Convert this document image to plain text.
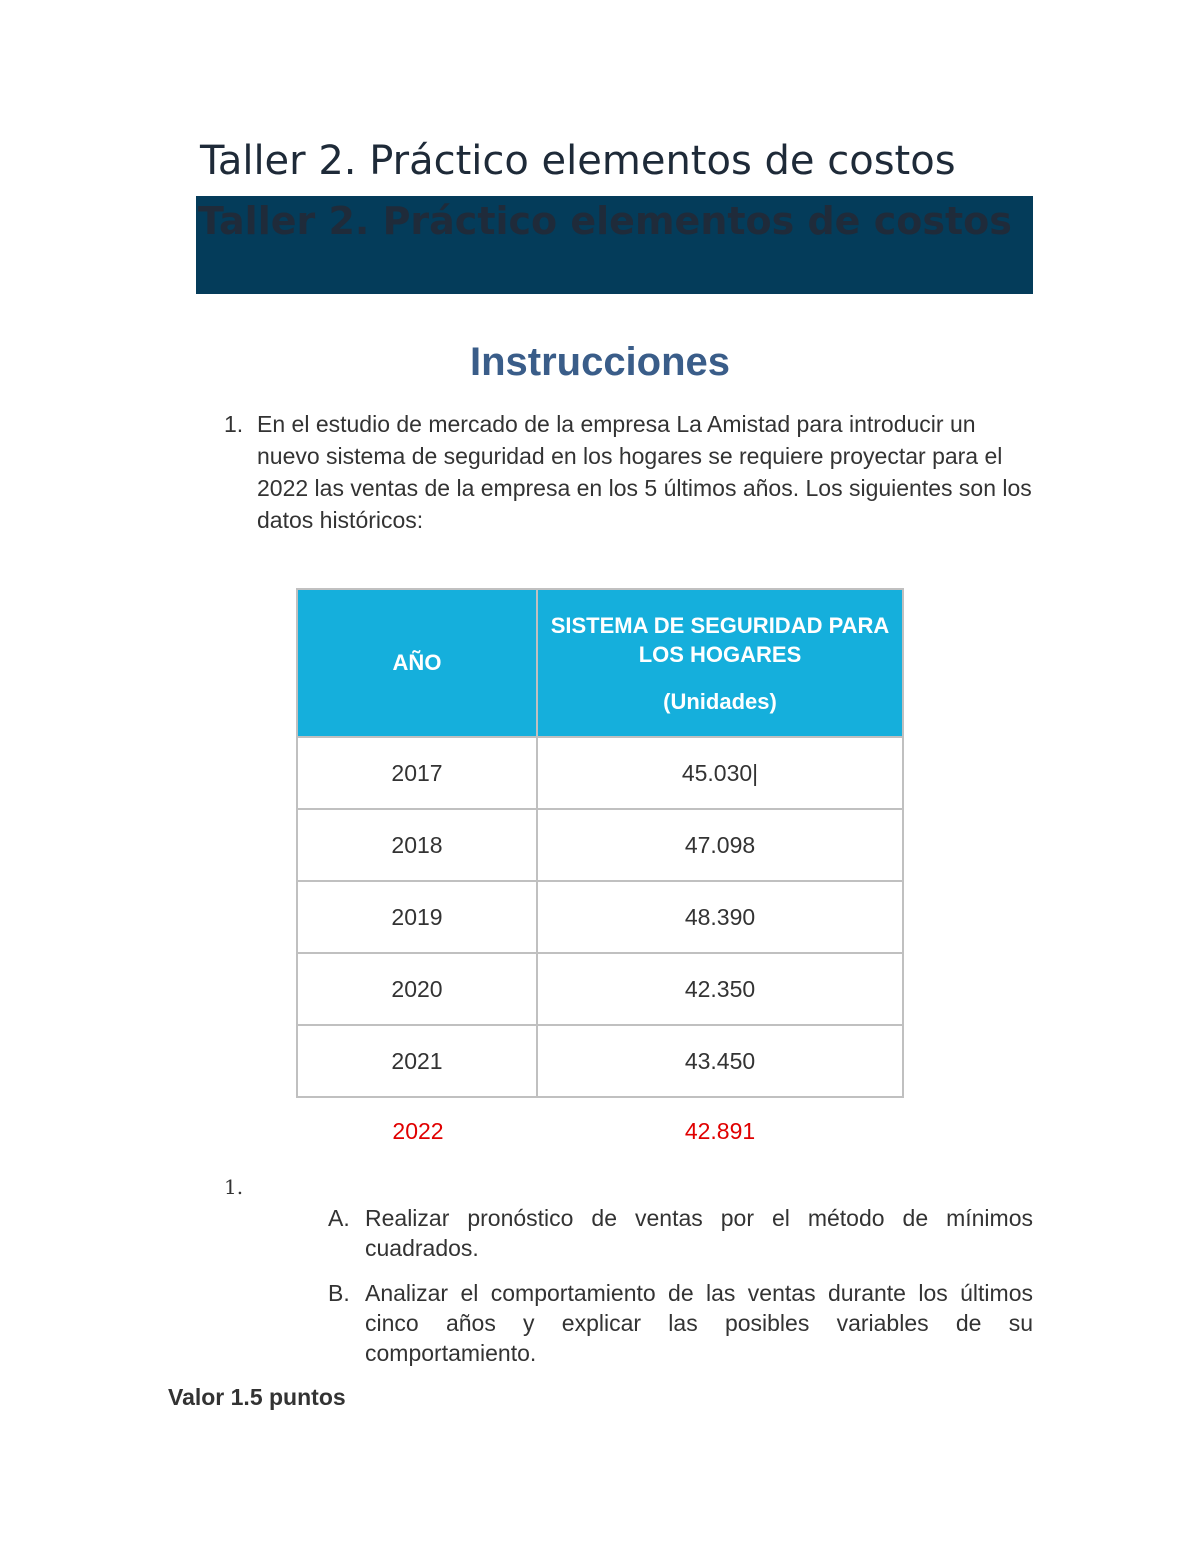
Taller 2. Práctico elementos de costos
Taller 2. Práctico elementos de costos
Instrucciones
1. En el estudio de mercado de la empresa La Amistad para introducir un nuevo sistema de seguridad en los hogares se requiere proyectar para el 2022 las ventas de la empresa en los 5 últimos años. Los siguientes son los datos históricos:

AÑO	SISTEMA DE SEGURIDAD PARA LOS HOGARES
(Unidades)

2017	45.030|
2018	47.098
2019	48.390
2020	42.350
2021	43.450
2022	42.891
1.
A. Realizar pronóstico de ventas por el método de mínimos cuadrados.

B. Analizar el comportamiento de las ventas durante los últimos cinco años y explicar las posibles variables de su comportamiento.

Valor 1.5 puntos
